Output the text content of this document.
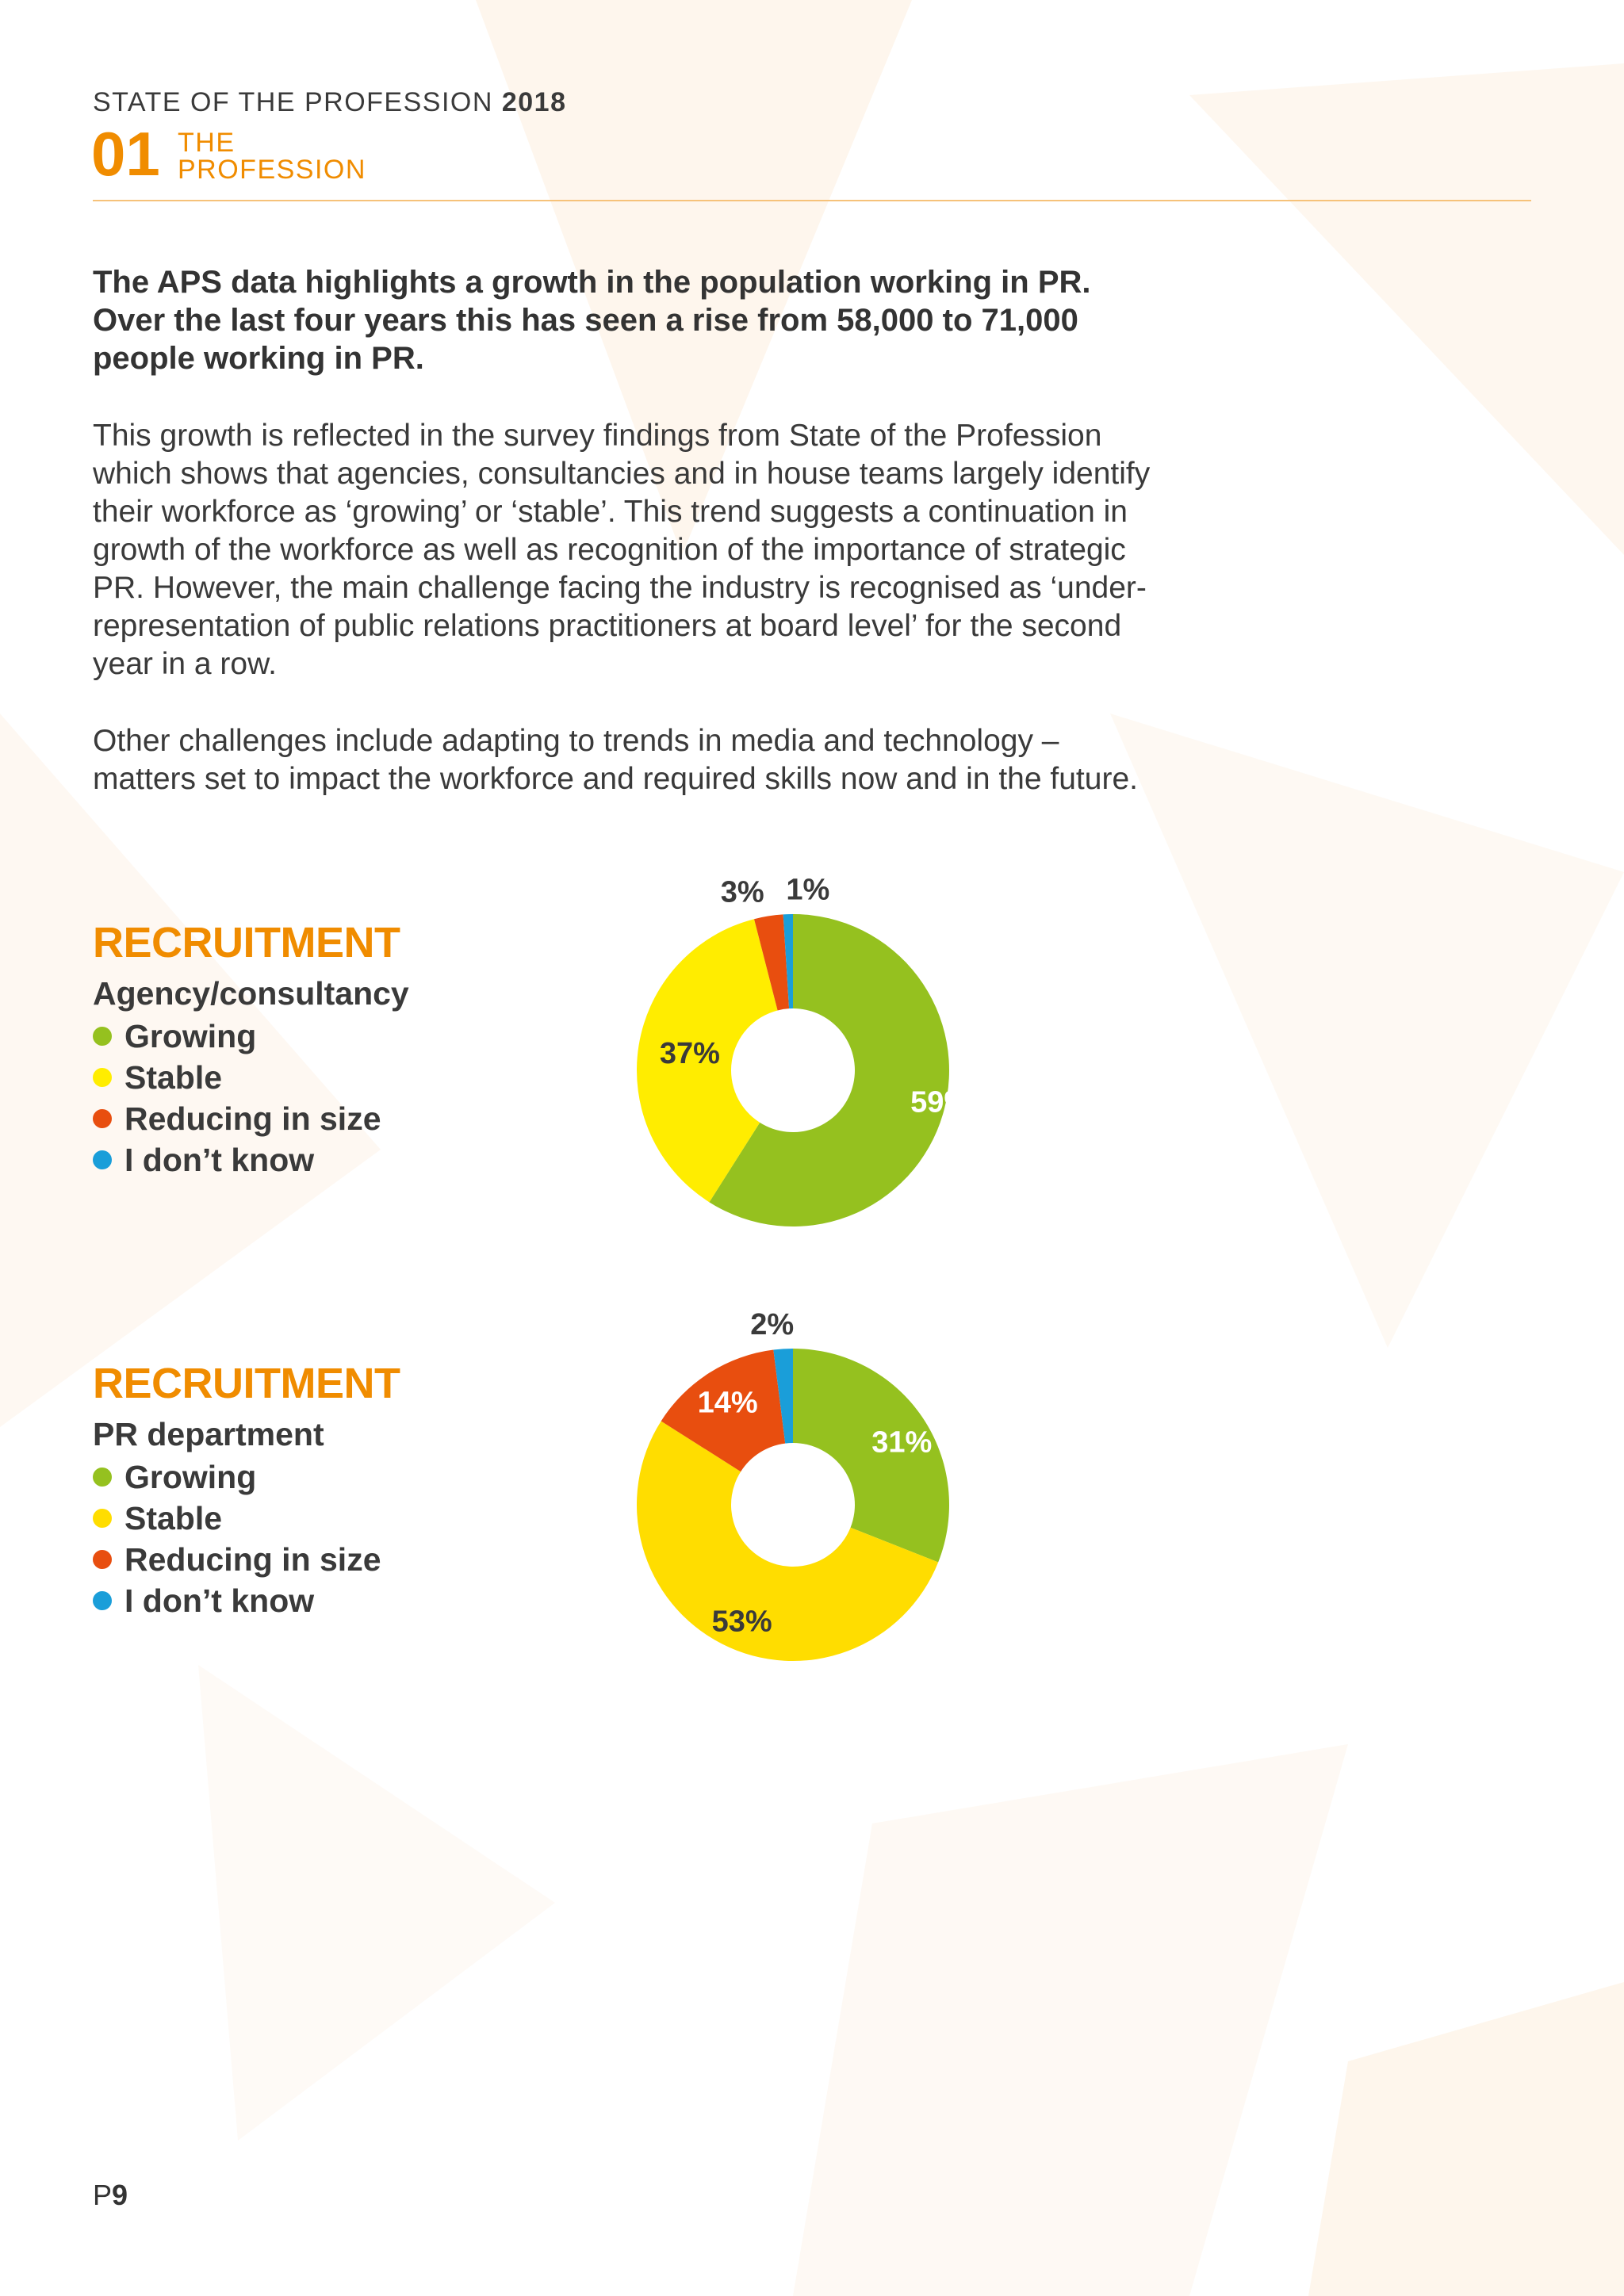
STATE OF THE PROFESSION 2018
01 THE
PROFESSION
The APS data highlights a growth in the population working in PR. Over the last four years this has seen a rise from 58,000 to 71,000 people working in PR.
This growth is reflected in the survey findings from State of the Profession which shows that agencies, consultancies and in house teams largely identify their workforce as ‘growing’ or ‘stable’. This trend suggests a continuation in growth of the workforce as well as recognition of the importance of strategic PR. However, the main challenge facing the industry is recognised as ‘under-representation of public relations practitioners at board level’ for the second year in a row.
Other challenges include adapting to trends in media and technology – matters set to impact the workforce and required skills now and in the future.
RECRUITMENT
Agency/consultancy
Growing
Stable
Reducing in size
I don’t know
59%
37%
3% 1%
RECRUITMENT
PR department
Growing
Stable
Reducing in size
I don’t know
31%
53%
14%
2%
P9
